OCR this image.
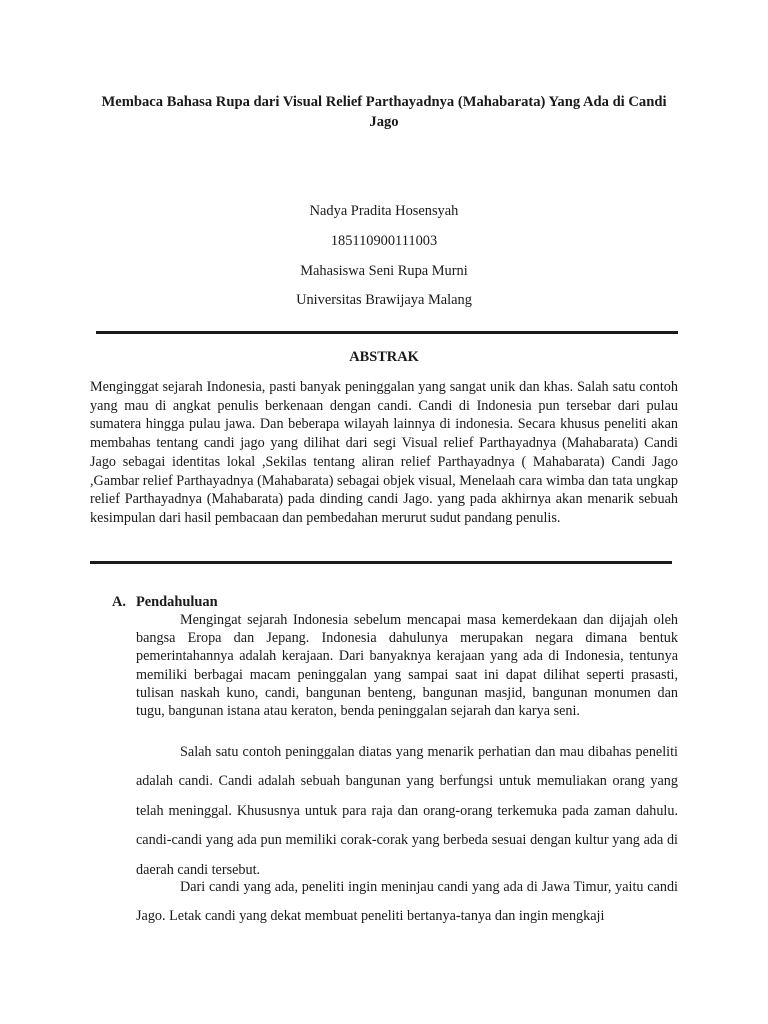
Membaca Bahasa Rupa dari Visual Relief Parthayadnya (Mahabarata) Yang Ada di Candi Jago
Nadya Pradita Hosensyah
185110900111003
Mahasiswa Seni Rupa Murni
Universitas Brawijaya Malang
ABSTRAK
Menginggat sejarah Indonesia, pasti banyak peninggalan yang sangat unik dan khas. Salah satu contoh yang mau di angkat penulis berkenaan dengan candi. Candi di Indonesia pun tersebar dari pulau sumatera hingga pulau jawa. Dan beberapa wilayah lainnya di indonesia. Secara khusus peneliti akan membahas tentang candi jago yang dilihat dari segi Visual relief Parthayadnya (Mahabarata) Candi Jago sebagai identitas lokal ,Sekilas tentang aliran relief Parthayadnya ( Mahabarata) Candi Jago ,Gambar relief Parthayadnya (Mahabarata) sebagai objek visual, Menelaah cara wimba dan tata ungkap relief Parthayadnya (Mahabarata) pada dinding candi Jago. yang pada akhirnya akan menarik sebuah kesimpulan dari hasil pembacaan dan pembedahan merurut sudut pandang penulis.
A. Pendahuluan
Mengingat sejarah Indonesia sebelum mencapai masa kemerdekaan dan dijajah oleh bangsa Eropa dan Jepang. Indonesia dahulunya merupakan negara dimana bentuk pemerintahannya adalah kerajaan. Dari banyaknya kerajaan yang ada di Indonesia, tentunya memiliki berbagai macam peninggalan yang sampai saat ini dapat dilihat seperti prasasti, tulisan naskah kuno, candi, bangunan benteng, bangunan masjid, bangunan monumen dan tugu, bangunan istana atau keraton, benda peninggalan sejarah dan karya seni.
Salah satu contoh peninggalan diatas yang menarik perhatian dan mau dibahas peneliti adalah candi. Candi adalah sebuah bangunan yang berfungsi untuk memuliakan orang yang telah meninggal. Khususnya untuk para raja dan orang-orang terkemuka pada zaman dahulu. candi-candi yang ada pun memiliki corak-corak yang berbeda sesuai dengan kultur yang ada di daerah candi tersebut.
Dari candi yang ada, peneliti ingin meninjau candi yang ada di Jawa Timur, yaitu candi Jago. Letak candi yang dekat membuat peneliti bertanya-tanya dan ingin mengkaji
